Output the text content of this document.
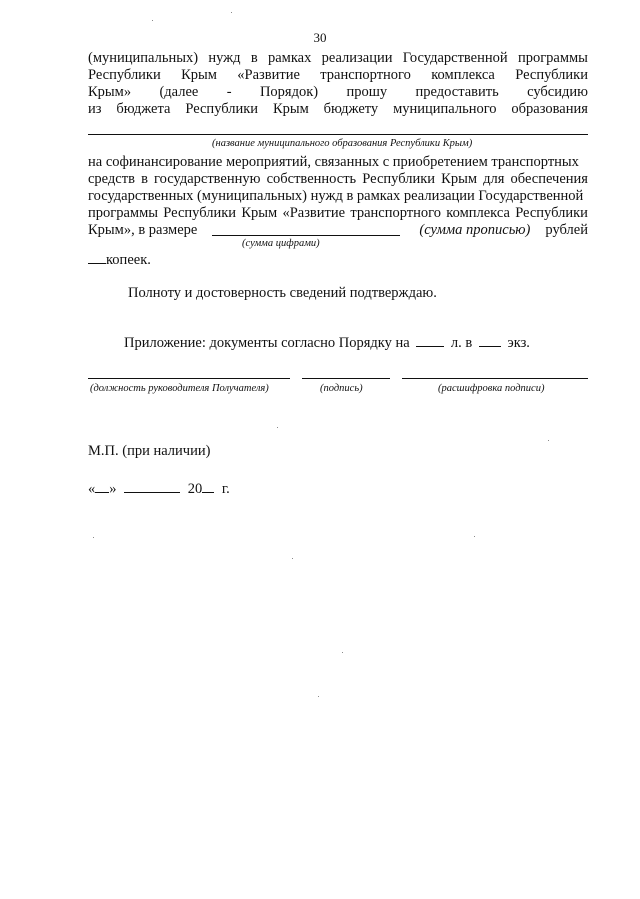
30
(муниципальных) нужд в рамках реализации Государственной программы
Республики Крым «Развитие транспортного комплекса Республики
Крым» (далее - Порядок) прошу предоставить субсидию
из бюджета Республики Крым бюджету муниципального образования
(название муниципального образования Республики Крым)
на софинансирование мероприятий, связанных с приобретением транспортных
средств в государственную собственность Республики Крым для обеспечения
государственных (муниципальных) нужд в рамках реализации Государственной
программы Республики Крым «Развитие транспортного комплекса Республики
Крым», в размере	(сумма прописью) рублей
(сумма цифрами)
копеек.
Полноту и достоверность сведений подтверждаю.
Приложение: документы согласно Порядку на	л. в экз.
(должность руководителя Получателя)	(подпись)	(расшифровка подписи)
М.П. (при наличии)
« »	20 г.
